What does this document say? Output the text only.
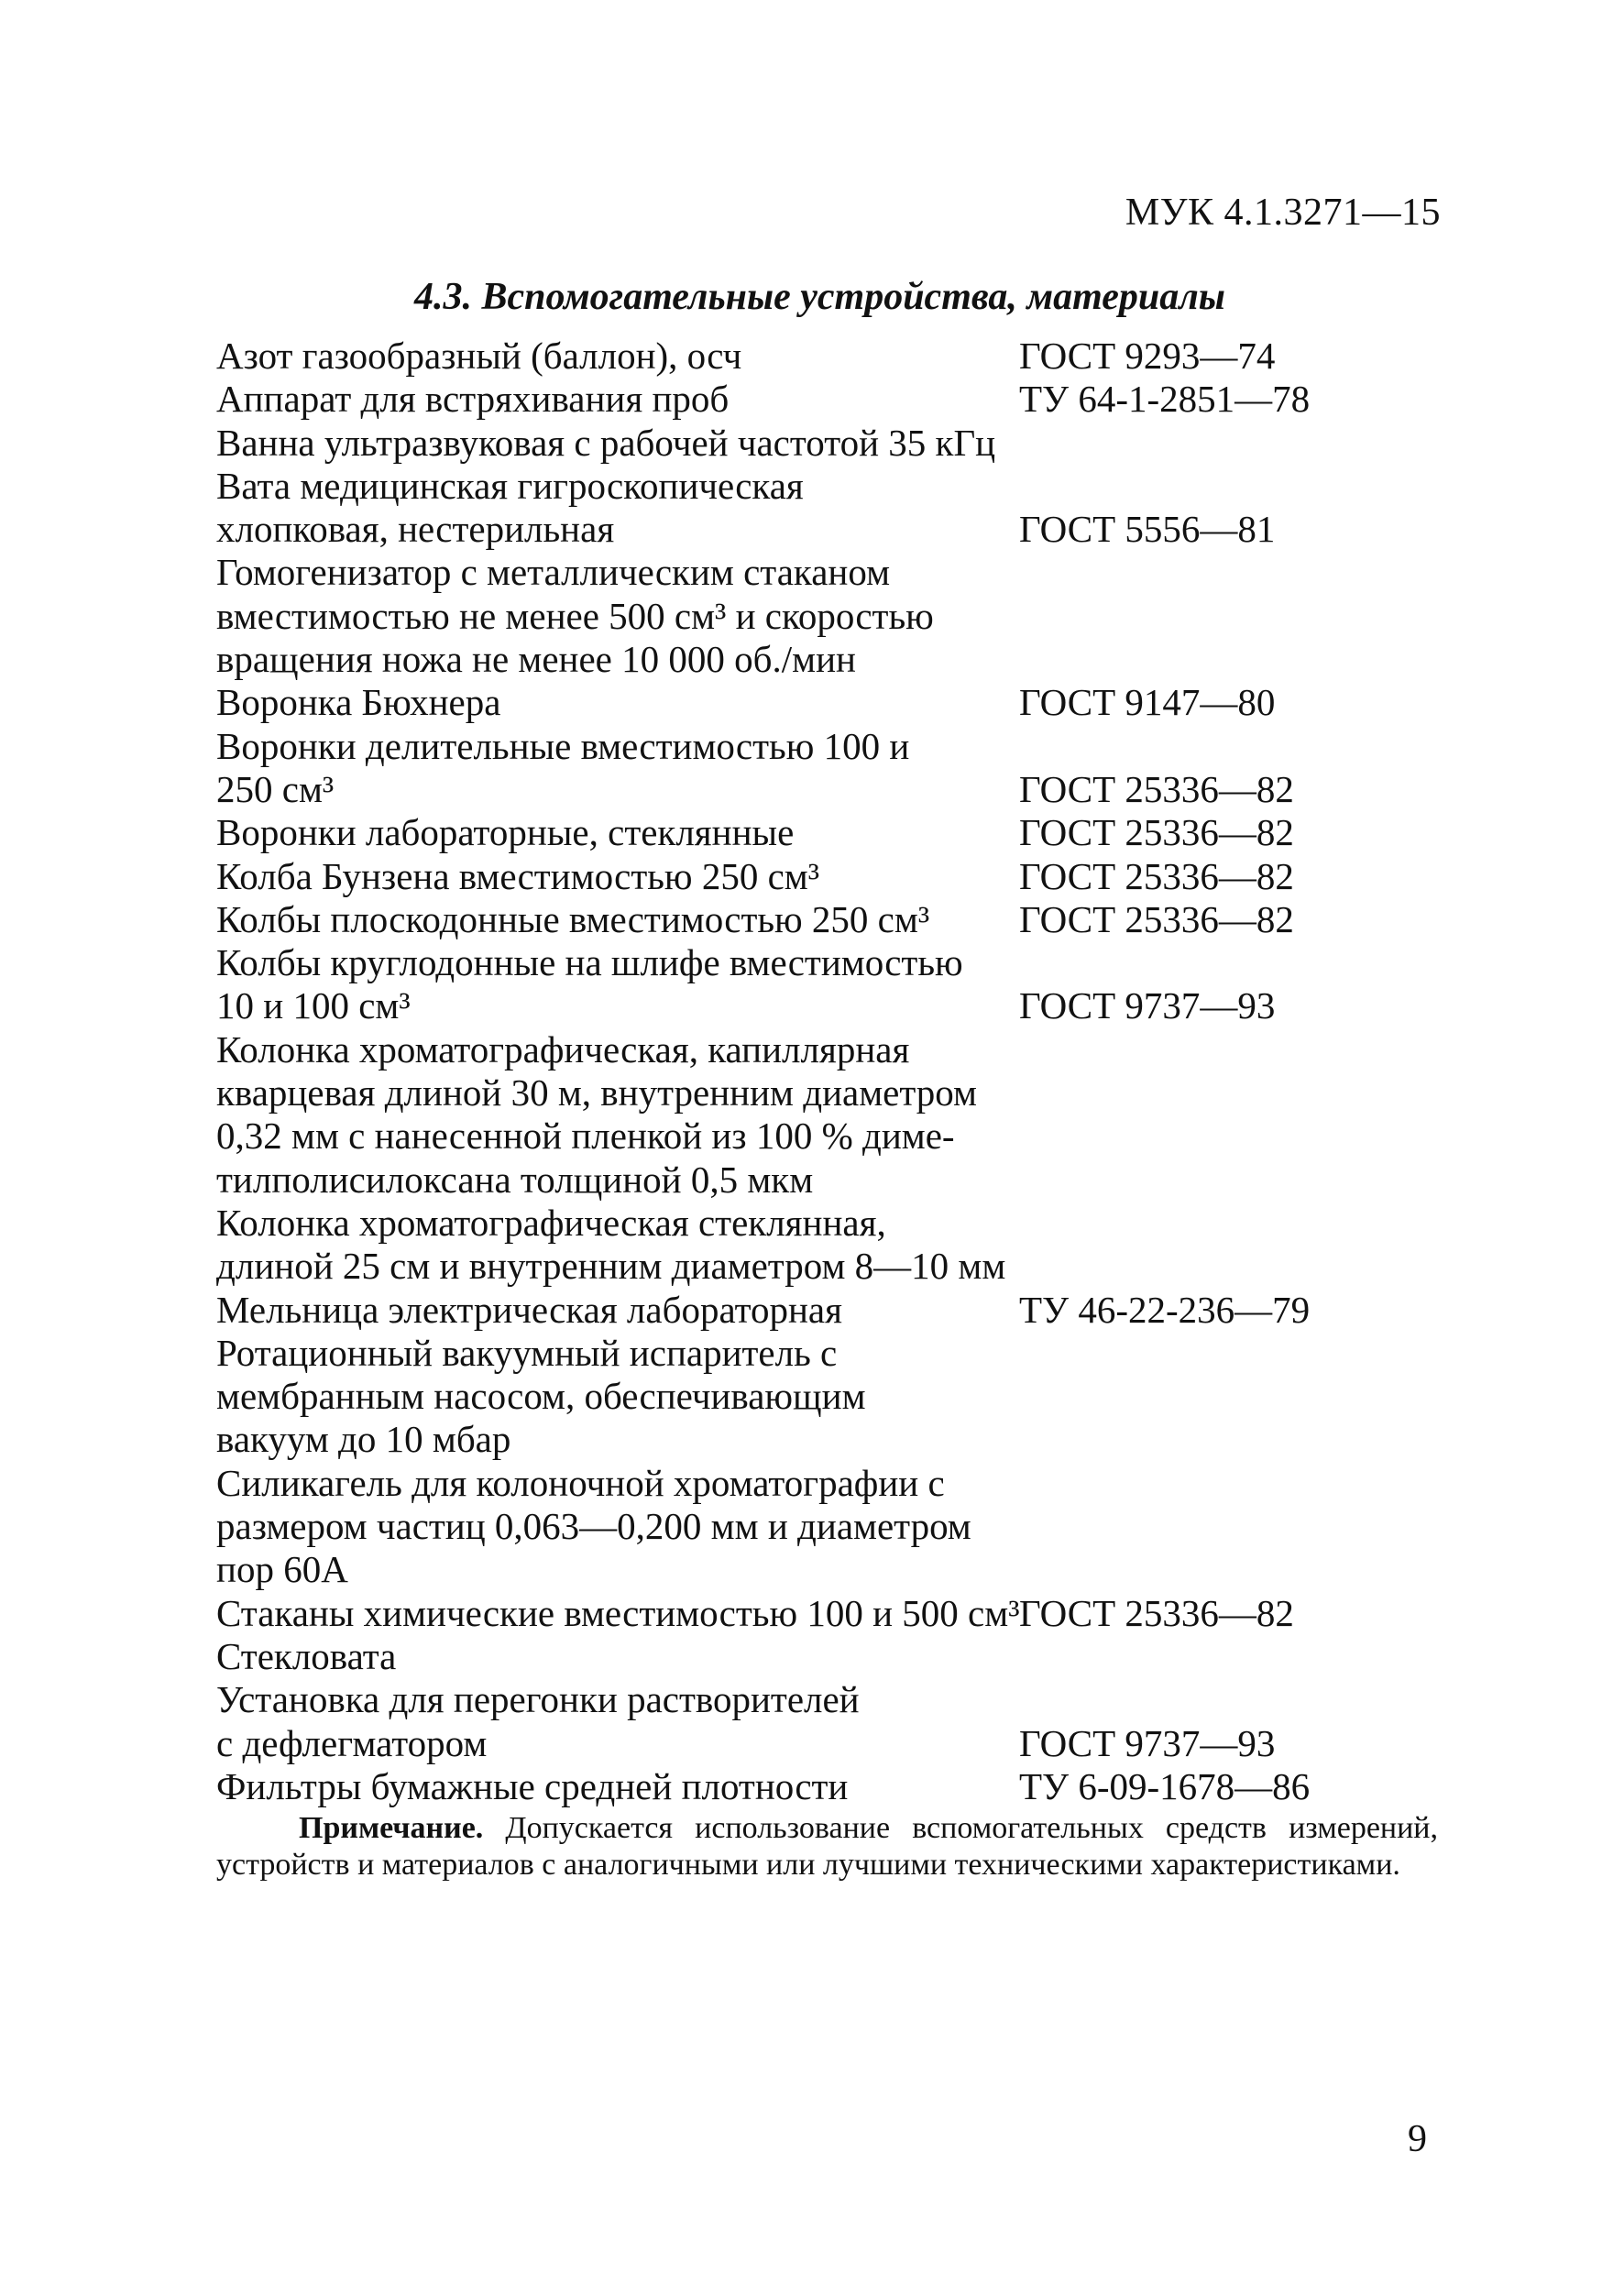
МУК 4.1.3271—15
4.3. Вспомогательные устройства, материалы
Азот газообразный (баллон), осч	ГОСТ 9293—74
Аппарат для встряхивания проб	ТУ 64-1-2851—78
Ванна ультразвуковая с рабочей частотой 35 кГц
Вата медицинская гигроскопическая
хлопковая, нестерильная	ГОСТ 5556—81
Гомогенизатор с металлическим стаканом
вместимостью не менее 500 см³ и скоростью
вращения ножа не менее 10 000 об./мин
Воронка Бюхнера	ГОСТ 9147—80
Воронки делительные вместимостью 100 и
250 см³	ГОСТ 25336—82
Воронки лабораторные, стеклянные	ГОСТ 25336—82
Колба Бунзена вместимостью 250 см³	ГОСТ 25336—82
Колбы плоскодонные вместимостью 250 см³	ГОСТ 25336—82
Колбы круглодонные на шлифе вместимостью
10 и 100 см³	ГОСТ 9737—93
Колонка хроматографическая, капиллярная
кварцевая длиной 30 м, внутренним диаметром
0,32 мм с нанесенной пленкой из 100 % диме-
тилполисилоксана толщиной 0,5 мкм
Колонка хроматографическая стеклянная,
длиной 25 см и внутренним диаметром 8—10 мм
Мельница электрическая лабораторная	ТУ 46-22-236—79
Ротационный вакуумный испаритель с
мембранным насосом, обеспечивающим
вакуум до 10 мбар
Силикагель для колоночной хроматографии с
размером частиц 0,063—0,200 мм и диаметром
пор 60А
Стаканы химические вместимостью 100 и 500 см³ ГОСТ 25336—82
Стекловата
Установка для перегонки растворителей
с дефлегматором	ГОСТ 9737—93
Фильтры бумажные средней плотности	ТУ 6-09-1678—86
Примечание. Допускается использование вспомогательных средств измерений, устройств и материалов с аналогичными или лучшими техническими характеристиками.
9
